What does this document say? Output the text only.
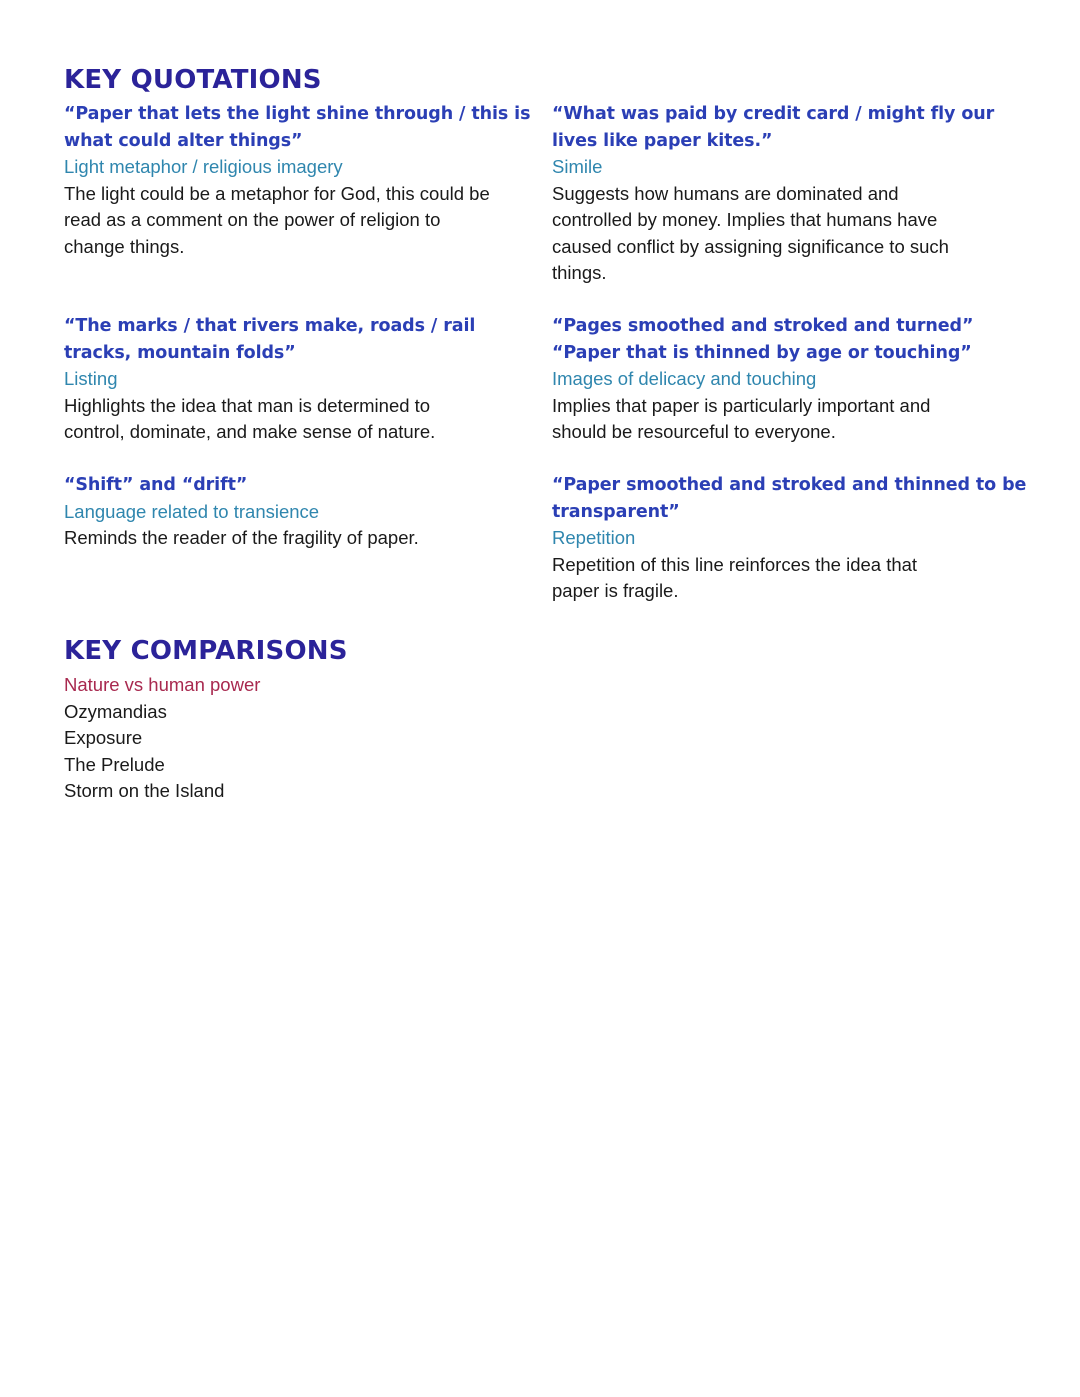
KEY QUOTATIONS
“Paper that lets the light shine through / this is
what could alter things”
Light metaphor / religious imagery
The light could be a metaphor for God, this could be
read as a comment on the power of religion to
change things.
“What was paid by credit card / might fly our
lives like paper kites.”
Simile
Suggests how humans are dominated and
controlled by money. Implies that humans have
caused conflict by assigning significance to such
things.
“The marks / that rivers make, roads / rail
tracks, mountain folds”
Listing
Highlights the idea that man is determined to
control, dominate, and make sense of nature.
“Pages smoothed and stroked and turned”
“Paper that is thinned by age or touching”
Images of delicacy and touching
Implies that paper is particularly important and
should be resourceful to everyone.
“Shift” and “drift”
Language related to transience
Reminds the reader of the fragility of paper.
“Paper smoothed and stroked and thinned to be
transparent”
Repetition
Repetition of this line reinforces the idea that
paper is fragile.
KEY COMPARISONS
Nature vs human power
Ozymandias
Exposure
The Prelude
Storm on the Island
